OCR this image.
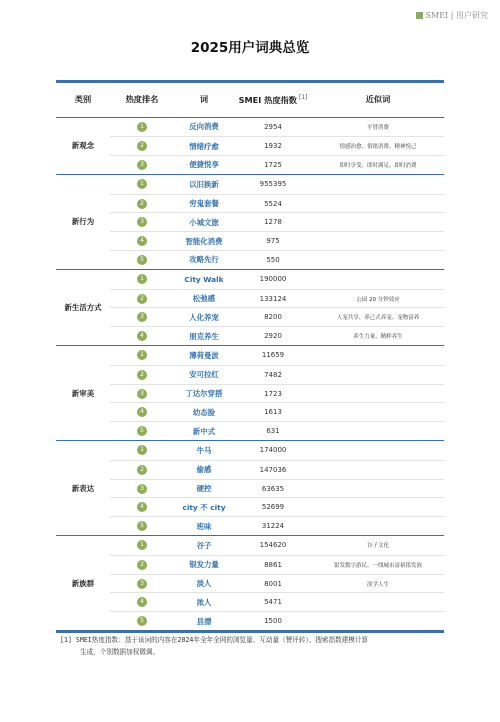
SMEI | 用户研究
2025用户词典总览
类别	热度排名	词	SMEI 热度指数 [1]	近似词
新观念
1	反向消费	2954	平替消费
2	情绪疗愈	1932	情感治愈、情绪消费、精神悦己
3	便捷悦享	1725	即时享受、即时满足、即时消费
新行为
1	以旧换新	955395
2	穷鬼套餐	5524
3	小城文旅	1278
4	智能化消费	975
5	攻略先行	550
新生活方式
1	City Walk	190000
2	松弛感	133124	公园 20 分钟效应
3	人化养宠	8200	人宠共享、养己式养宠、宠物富养
4	朋克养生	2920	养生力量、精粹养生
新审美
1	薄荷曼波	11659
2	安可拉红	7482
3	丁达尔穿搭	1723
4	幼态脸	1613
5	新中式	631
新表达
1	牛马	174000
2	偷感	147036
3	硬控	63635
4	city 不 city	52699
5	班味	31224
新族群
1	谷子	154620	谷子文化
2	银发力量	8861	银发数字游民、一线城市富裕银发族
3	淡人	8001	淡学人生
4	浓人	5471
5	县漂	1500
[1] SMEI热度指数：基于该词的内容在2024年全年全网的浏览量、互动量（赞评转）、搜索指数建模计算
生成，个别数据加权微调。
